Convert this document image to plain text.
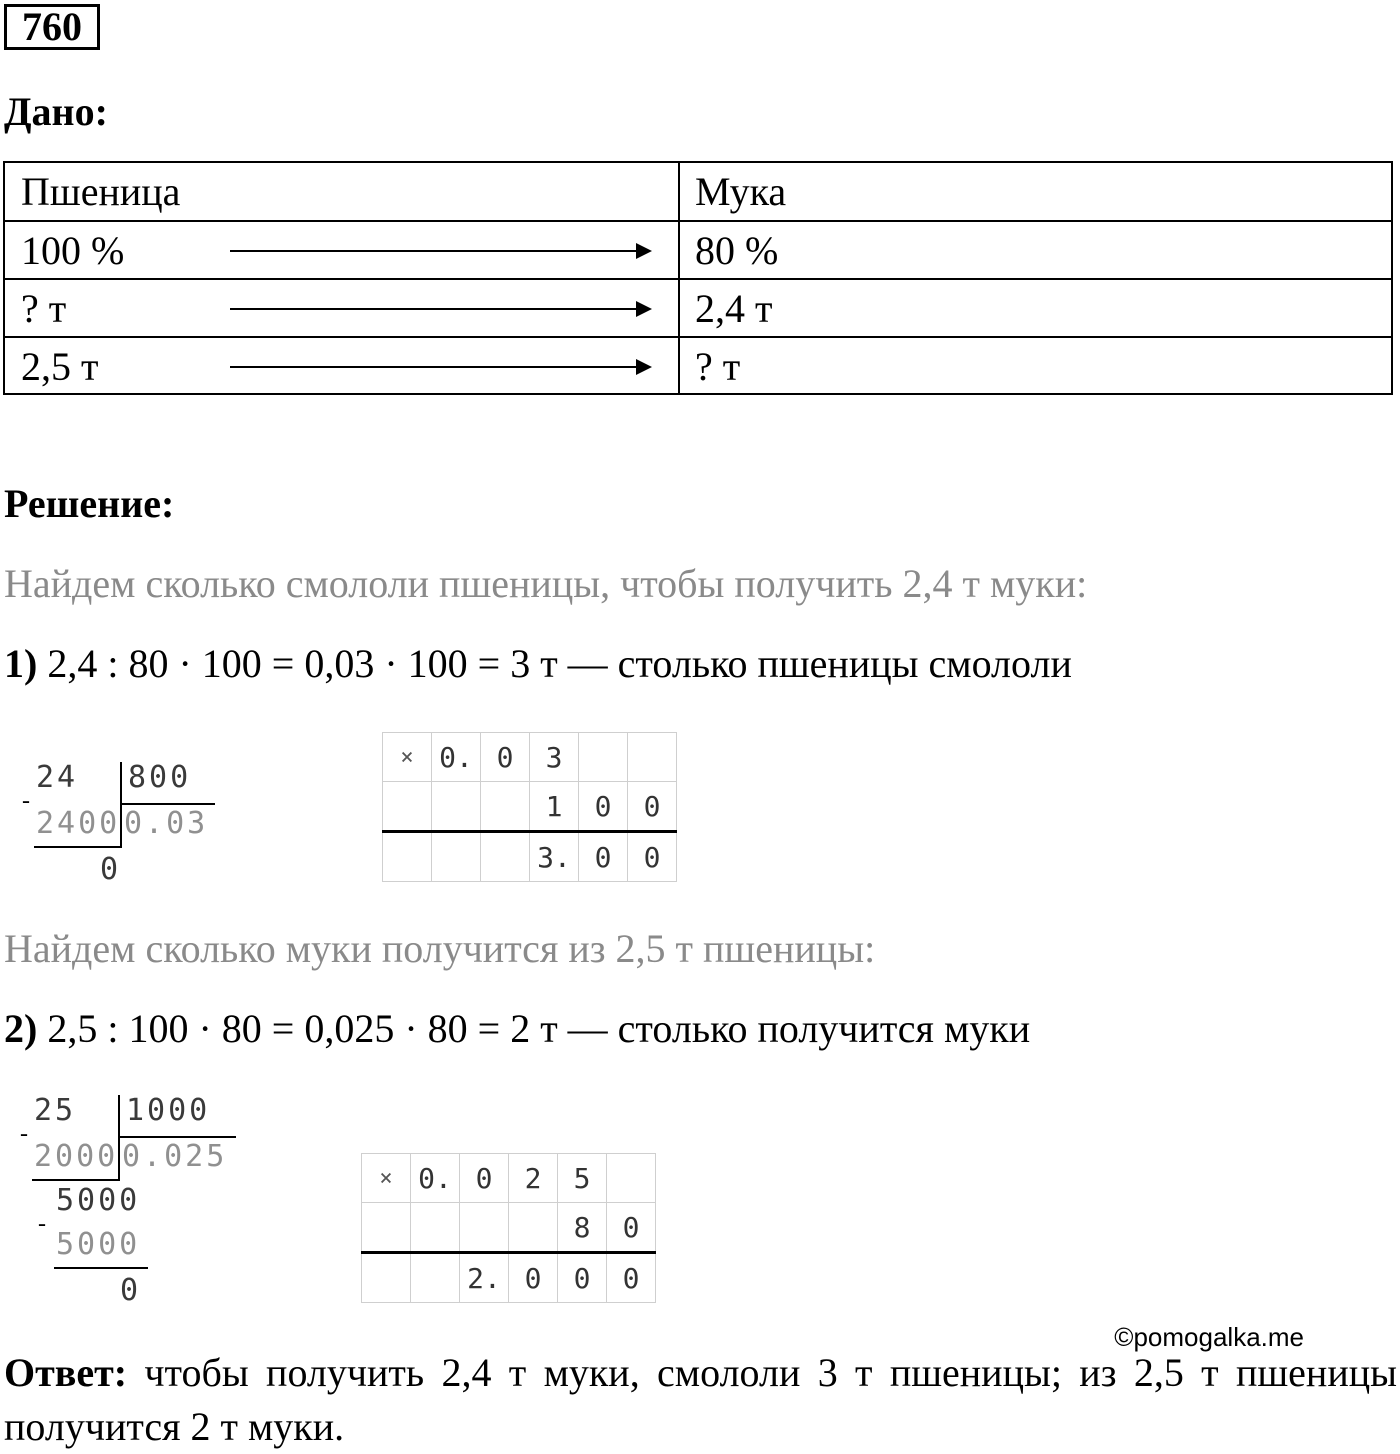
760
Дано:
Пшеница	Мука
100 %	80 %
? т	2,4 т
2,5 т	? т
Решение:
Найдем сколько смололи пшеницы, чтобы получить 2,4 т муки:
1) 2,4 : 80 · 100 = 0,03 · 100 = 3 т — столько пшеницы смололи
24 800
-
2400 0.03
0
×	0.	0	3		
			1	0	0
			3.	0	0
Найдем сколько муки получится из 2,5 т пшеницы:
2) 2,5 : 100 · 80 = 0,025 · 80 = 2 т — столько получится муки
25 1000
-
2000 0.025
5000
-
5000
0
×	0.	0	2	5	
				8	0
		2.	0	0	0
©pomogalka.me
Ответ: чтобы получить 2,4 т муки, смололи 3 т пшеницы; из 2,5 т пшеницы получится 2 т муки.
